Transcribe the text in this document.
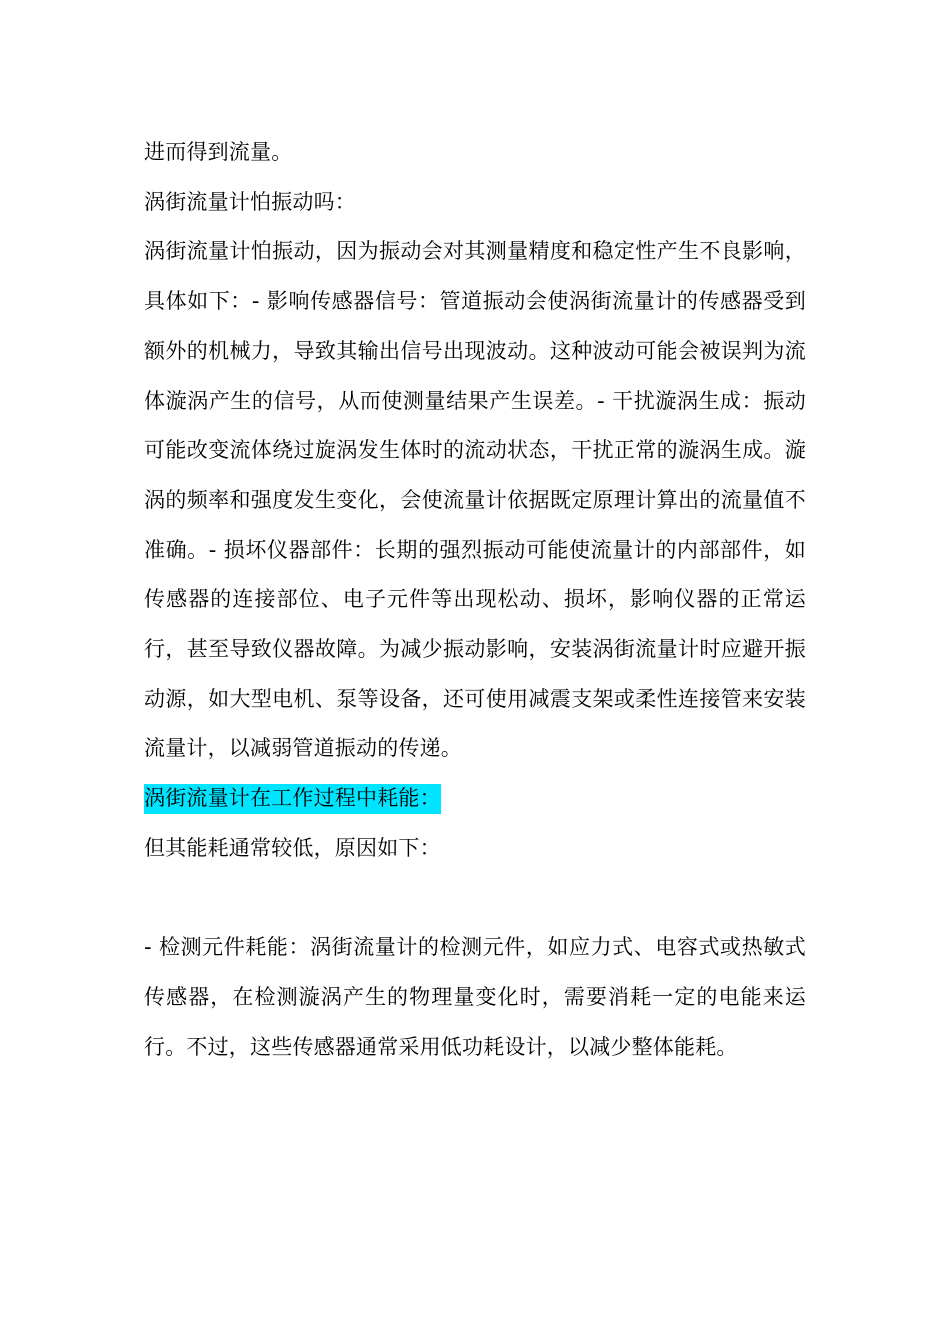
进而得到流量。

涡街流量计怕振动吗：

涡街流量计怕振动，因为振动会对其测量精度和稳定性产生不良影响，具体如下：- 影响传感器信号：管道振动会使涡街流量计的传感器受到额外的机械力，导致其输出信号出现波动。这种波动可能会被误判为流体漩涡产生的信号，从而使测量结果产生误差。- 干扰漩涡生成：振动可能改变流体绕过旋涡发生体时的流动状态，干扰正常的漩涡生成。漩涡的频率和强度发生变化，会使流量计依据既定原理计算出的流量值不准确。- 损坏仪器部件：长期的强烈振动可能使流量计的内部部件，如传感器的连接部位、电子元件等出现松动、损坏，影响仪器的正常运行，甚至导致仪器故障。为减少振动影响，安装涡街流量计时应避开振动源，如大型电机、泵等设备，还可使用减震支架或柔性连接管来安装流量计，以减弱管道振动的传递。

涡街流量计在工作过程中耗能：

但其能耗通常较低，原因如下：

- 检测元件耗能：涡街流量计的检测元件，如应力式、电容式或热敏式传感器，在检测漩涡产生的物理量变化时，需要消耗一定的电能来运行。不过，这些传感器通常采用低功耗设计，以减少整体能耗。
